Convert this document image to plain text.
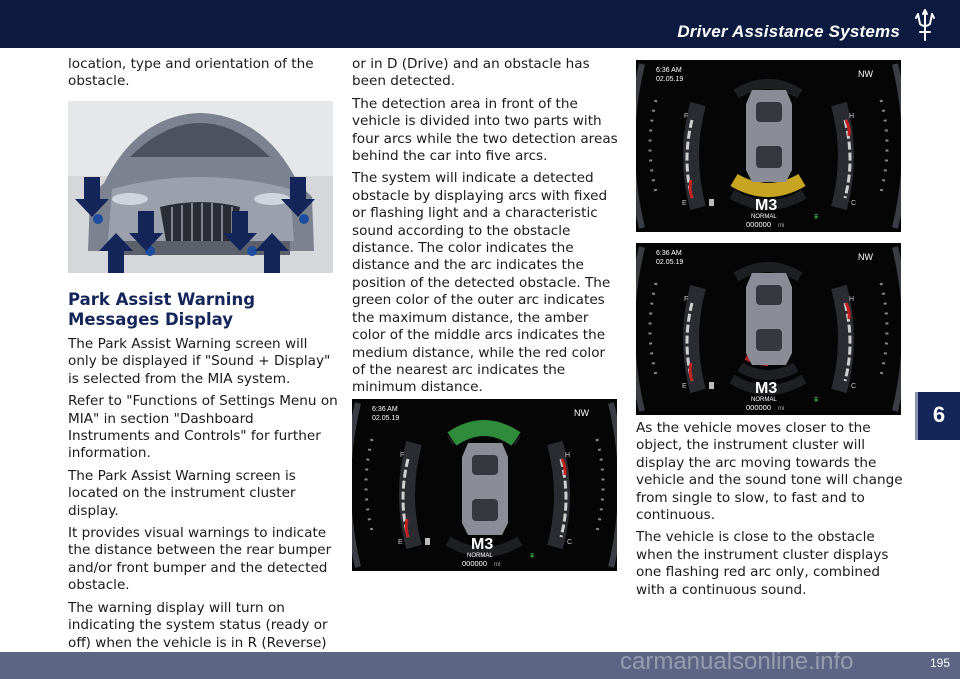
Driver Assistance Systems

location, type and orientation of the obstacle.

Park Assist Warning Messages Display

The Park Assist Warning screen will only be displayed if "Sound + Display" is selected from the MIA system.

Refer to "Functions of Settings Menu on MIA" in section "Dashboard Instruments and Controls" for further information.

The Park Assist Warning screen is located on the instrument cluster display.

It provides visual warnings to indicate the distance between the rear bumper and/or front bumper and the detected obstacle.

The warning display will turn on indicating the system status (ready or off) when the vehicle is in R (Reverse)

or in D (Drive) and an obstacle has been detected.

The detection area in front of the vehicle is divided into two parts with four arcs while the two detection areas behind the car into five arcs.

The system will indicate a detected obstacle by displaying arcs with fixed or flashing light and a characteristic sound according to the obstacle distance. The color indicates the distance and the arc indicates the position of the detected obstacle. The green color of the outer arc indicates the maximum distance, the amber color of the middle arcs indicates the medium distance, while the red color of the nearest arc indicates the minimum distance.

6:36 AM
02.05.19
NW
F
E
H
C
M3
NORMAL
000000 mi
⩨
6:36 AM
02.05.19
NW
F
E
H
C
M3
NORMAL
000000 mi
⩨
6:36 AM
02.05.19
NW
F
E
H
C
M3
NORMAL
000000 mi
⩨

As the vehicle moves closer to the object, the instrument cluster will display the arc moving towards the vehicle and the sound tone will change from single to slow, to fast and to continuous.

The vehicle is close to the obstacle when the instrument cluster displays one flashing red arc only, combined with a continuous sound.

6
carmanualsonline.info	195
